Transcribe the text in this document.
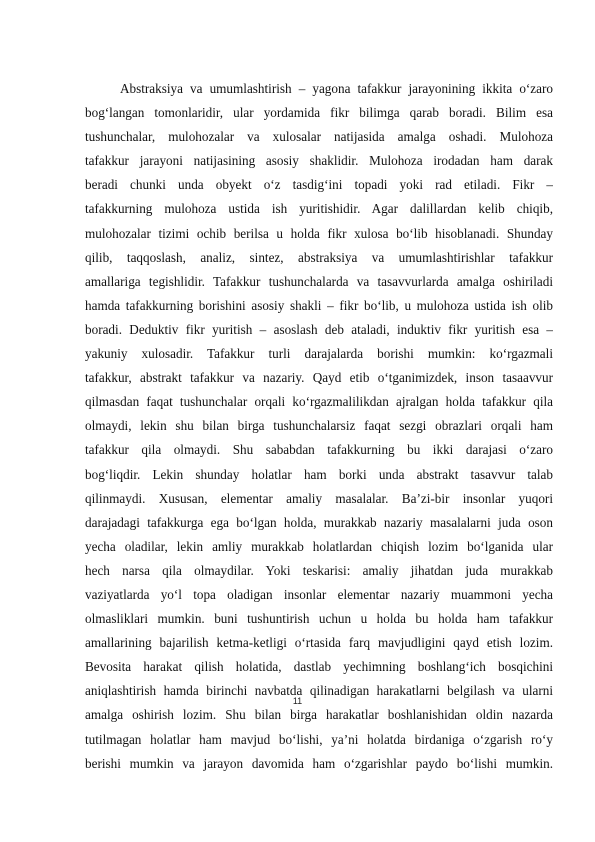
Abstraksiya va umumlashtirish – yagona tafakkur jarayonining ikkita o‘zaro
bog‘langan tomonlaridir, ular yordamida fikr bilimga qarab boradi. Bilim esa
tushunchalar, mulohozalar va xulosalar natijasida amalga oshadi. Mulohoza
tafakkur jarayoni natijasining asosiy shaklidir. Mulohoza irodadan ham darak
beradi chunki unda obyekt o‘z tasdig‘ini topadi yoki rad etiladi. Fikr –
tafakkurning mulohoza ustida ish yuritishidir. Agar dalillardan kelib chiqib,
mulohozalar tizimi ochib berilsa u holda fikr xulosa bo‘lib hisoblanadi. Shunday
qilib, taqqoslash, analiz, sintez, abstraksiya va umumlashtirishlar tafakkur
amallariga tegishlidir. Tafakkur tushunchalarda va tasavvurlarda amalga oshiriladi
hamda tafakkurning borishini asosiy shakli – fikr bo‘lib, u mulohoza ustida ish olib
boradi. Deduktiv fikr yuritish – asoslash deb ataladi, induktiv fikr yuritish esa –
yakuniy xulosadir. Tafakkur turli darajalarda borishi mumkin: ko‘rgazmali
tafakkur, abstrakt tafakkur va nazariy. Qayd etib o‘tganimizdek, inson tasaavvur
qilmasdan faqat tushunchalar orqali ko‘rgazmalilikdan ajralgan holda tafakkur qila
olmaydi, lekin shu bilan birga tushunchalarsiz faqat sezgi obrazlari orqali ham
tafakkur qila olmaydi. Shu sababdan tafakkurning bu ikki darajasi o‘zaro
bog‘liqdir. Lekin shunday holatlar ham borki unda abstrakt tasavvur talab
qilinmaydi. Xususan, elementar amaliy masalalar. Ba’zi-bir insonlar yuqori
darajadagi tafakkurga ega bo‘lgan holda, murakkab nazariy masalalarni juda oson
yecha oladilar, lekin amliy murakkab holatlardan chiqish lozim bo‘lganida ular
hech narsa qila olmaydilar. Yoki teskarisi: amaliy jihatdan juda murakkab
vaziyatlarda yo‘l topa oladigan insonlar elementar nazariy muammoni yecha
olmasliklari mumkin. buni tushuntirish uchun u holda bu holda ham tafakkur
amallarining bajarilish ketma-ketligi o‘rtasida farq mavjudligini qayd etish lozim.
Bevosita harakat qilish holatida, dastlab yechimning boshlang‘ich bosqichini
aniqlashtirish hamda birinchi navbatda qilinadigan harakatlarni belgilash va ularni
amalga oshirish lozim. Shu bilan birga harakatlar boshlanishidan oldin nazarda
tutilmagan holatlar ham mavjud bo‘lishi, ya’ni holatda birdaniga o‘zgarish ro‘y
berishi mumkin va jarayon davomida ham o‘zgarishlar paydo bo‘lishi mumkin.
11
